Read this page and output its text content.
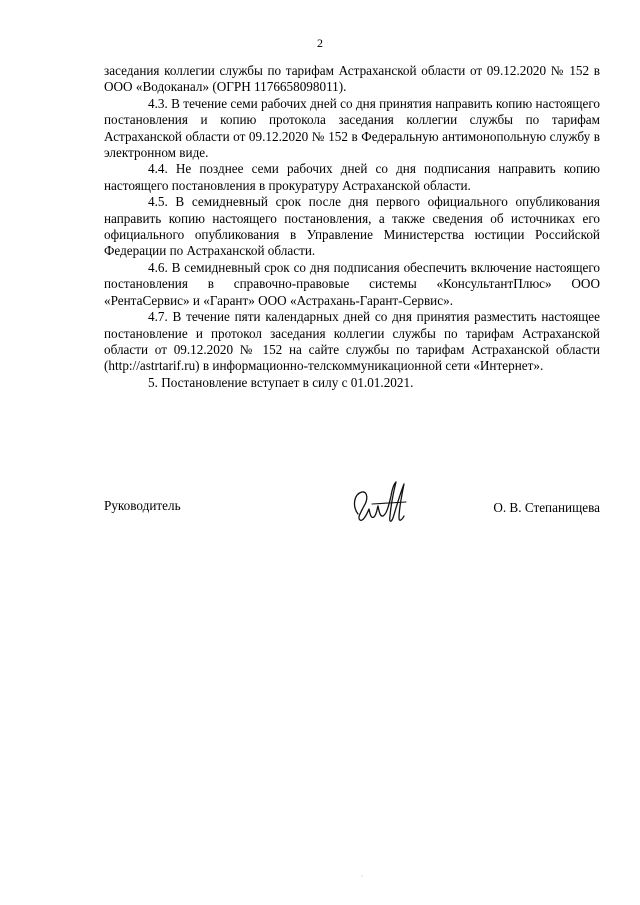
2

заседания коллегии службы по тарифам Астраханской области от 09.12.2020 № 152 в ООО «Водоканал» (ОГРН 1176658098011).

4.3. В течение семи рабочих дней со дня принятия направить копию настоящего постановления и копию протокола заседания коллегии службы по тарифам Астраханской области от 09.12.2020 № 152 в Федеральную антимонопольную службу в электронном виде.

4.4. Не позднее семи рабочих дней со дня подписания направить копию настоящего постановления в прокуратуру Астраханской области.

4.5. В семидневный срок после дня первого официального опубликования направить копию настоящего постановления, а также сведения об источниках его официального опубликования в Управление Министерства юстиции Российской Федерации по Астраханской области.

4.6. В семидневный срок со дня подписания обеспечить включение настоящего постановления в справочно-правовые системы «КонсультантПлюс» ООО «РентаСервис» и «Гарант» ООО «Астрахань-Гарант-Сервис».

4.7. В течение пяти календарных дней со дня принятия разместить настоящее постановление и протокол заседания коллегии службы по тарифам Астраханской области от 09.12.2020 № 152 на сайте службы по тарифам Астраханской области (http://astrtarif.ru) в информационно-телскоммуникационной сети «Интернет».

5. Постановление вступает в силу с 01.01.2021.

Руководитель	О. В. Степанищева
`
